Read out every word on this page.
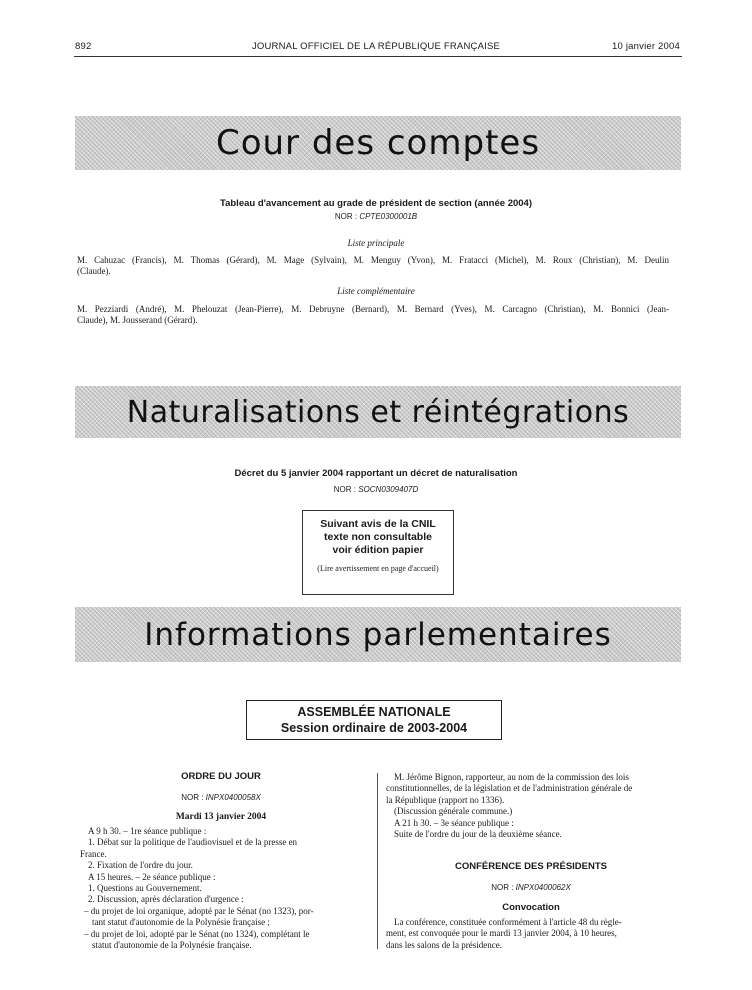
892	JOURNAL OFFICIEL DE LA RÉPUBLIQUE FRANÇAISE	10 janvier 2004
Cour des comptes
Tableau d'avancement au grade de président de section (année 2004)
NOR : CPTE0300001B
Liste principale
M. Cahuzac (Francis), M. Thomas (Gérard), M. Mage (Sylvain), M. Menguy (Yvon), M. Fratacci (Michel), M. Roux (Christian), M. Deulin
(Claude).
Liste complémentaire
M. Pezziardi (André), M. Phelouzat (Jean-Pierre), M. Debruyne (Bernard), M. Bernard (Yves), M. Carcagno (Christian), M. Bonnici (Jean-
Claude), M. Jousserand (Gérard).
Naturalisations et réintégrations
Décret du 5 janvier 2004 rapportant un décret de naturalisation
NOR : SOCN0309407D
Suivant avis de la CNIL
texte non consultable
voir édition papier
(Lire avertissement en page d'accueil)
Informations parlementaires
ASSEMBLÉE NATIONALE
Session ordinaire de 2003-2004
ORDRE DU JOUR
NOR : INPX0400058X
Mardi 13 janvier 2004
A 9 h 30. – 1re séance publique :
1. Débat sur la politique de l'audiovisuel et de la presse en
France.
2. Fixation de l'ordre du jour.
A 15 heures. – 2e séance publique :
1. Questions au Gouvernement.
2. Discussion, après déclaration d'urgence :
– du projet de loi organique, adopté par le Sénat (no 1323), por-
tant statut d'autonomie de la Polynésie française ;
– du projet de loi, adopté par le Sénat (no 1324), complétant le
statut d'autonomie de la Polynésie française.
M. Jérôme Bignon, rapporteur, au nom de la commission des lois
constitutionnelles, de la législation et de l'administration générale de
la République (rapport no 1336).
(Discussion générale commune.)
A 21 h 30. – 3e séance publique :
Suite de l'ordre du jour de la deuxième séance.
CONFÉRENCE DES PRÉSIDENTS
NOR : INPX0400062X
Convocation
La conférence, constituée conformément à l'article 48 du règle-
ment, est convoquée pour le mardi 13 janvier 2004, à 10 heures,
dans les salons de la présidence.
